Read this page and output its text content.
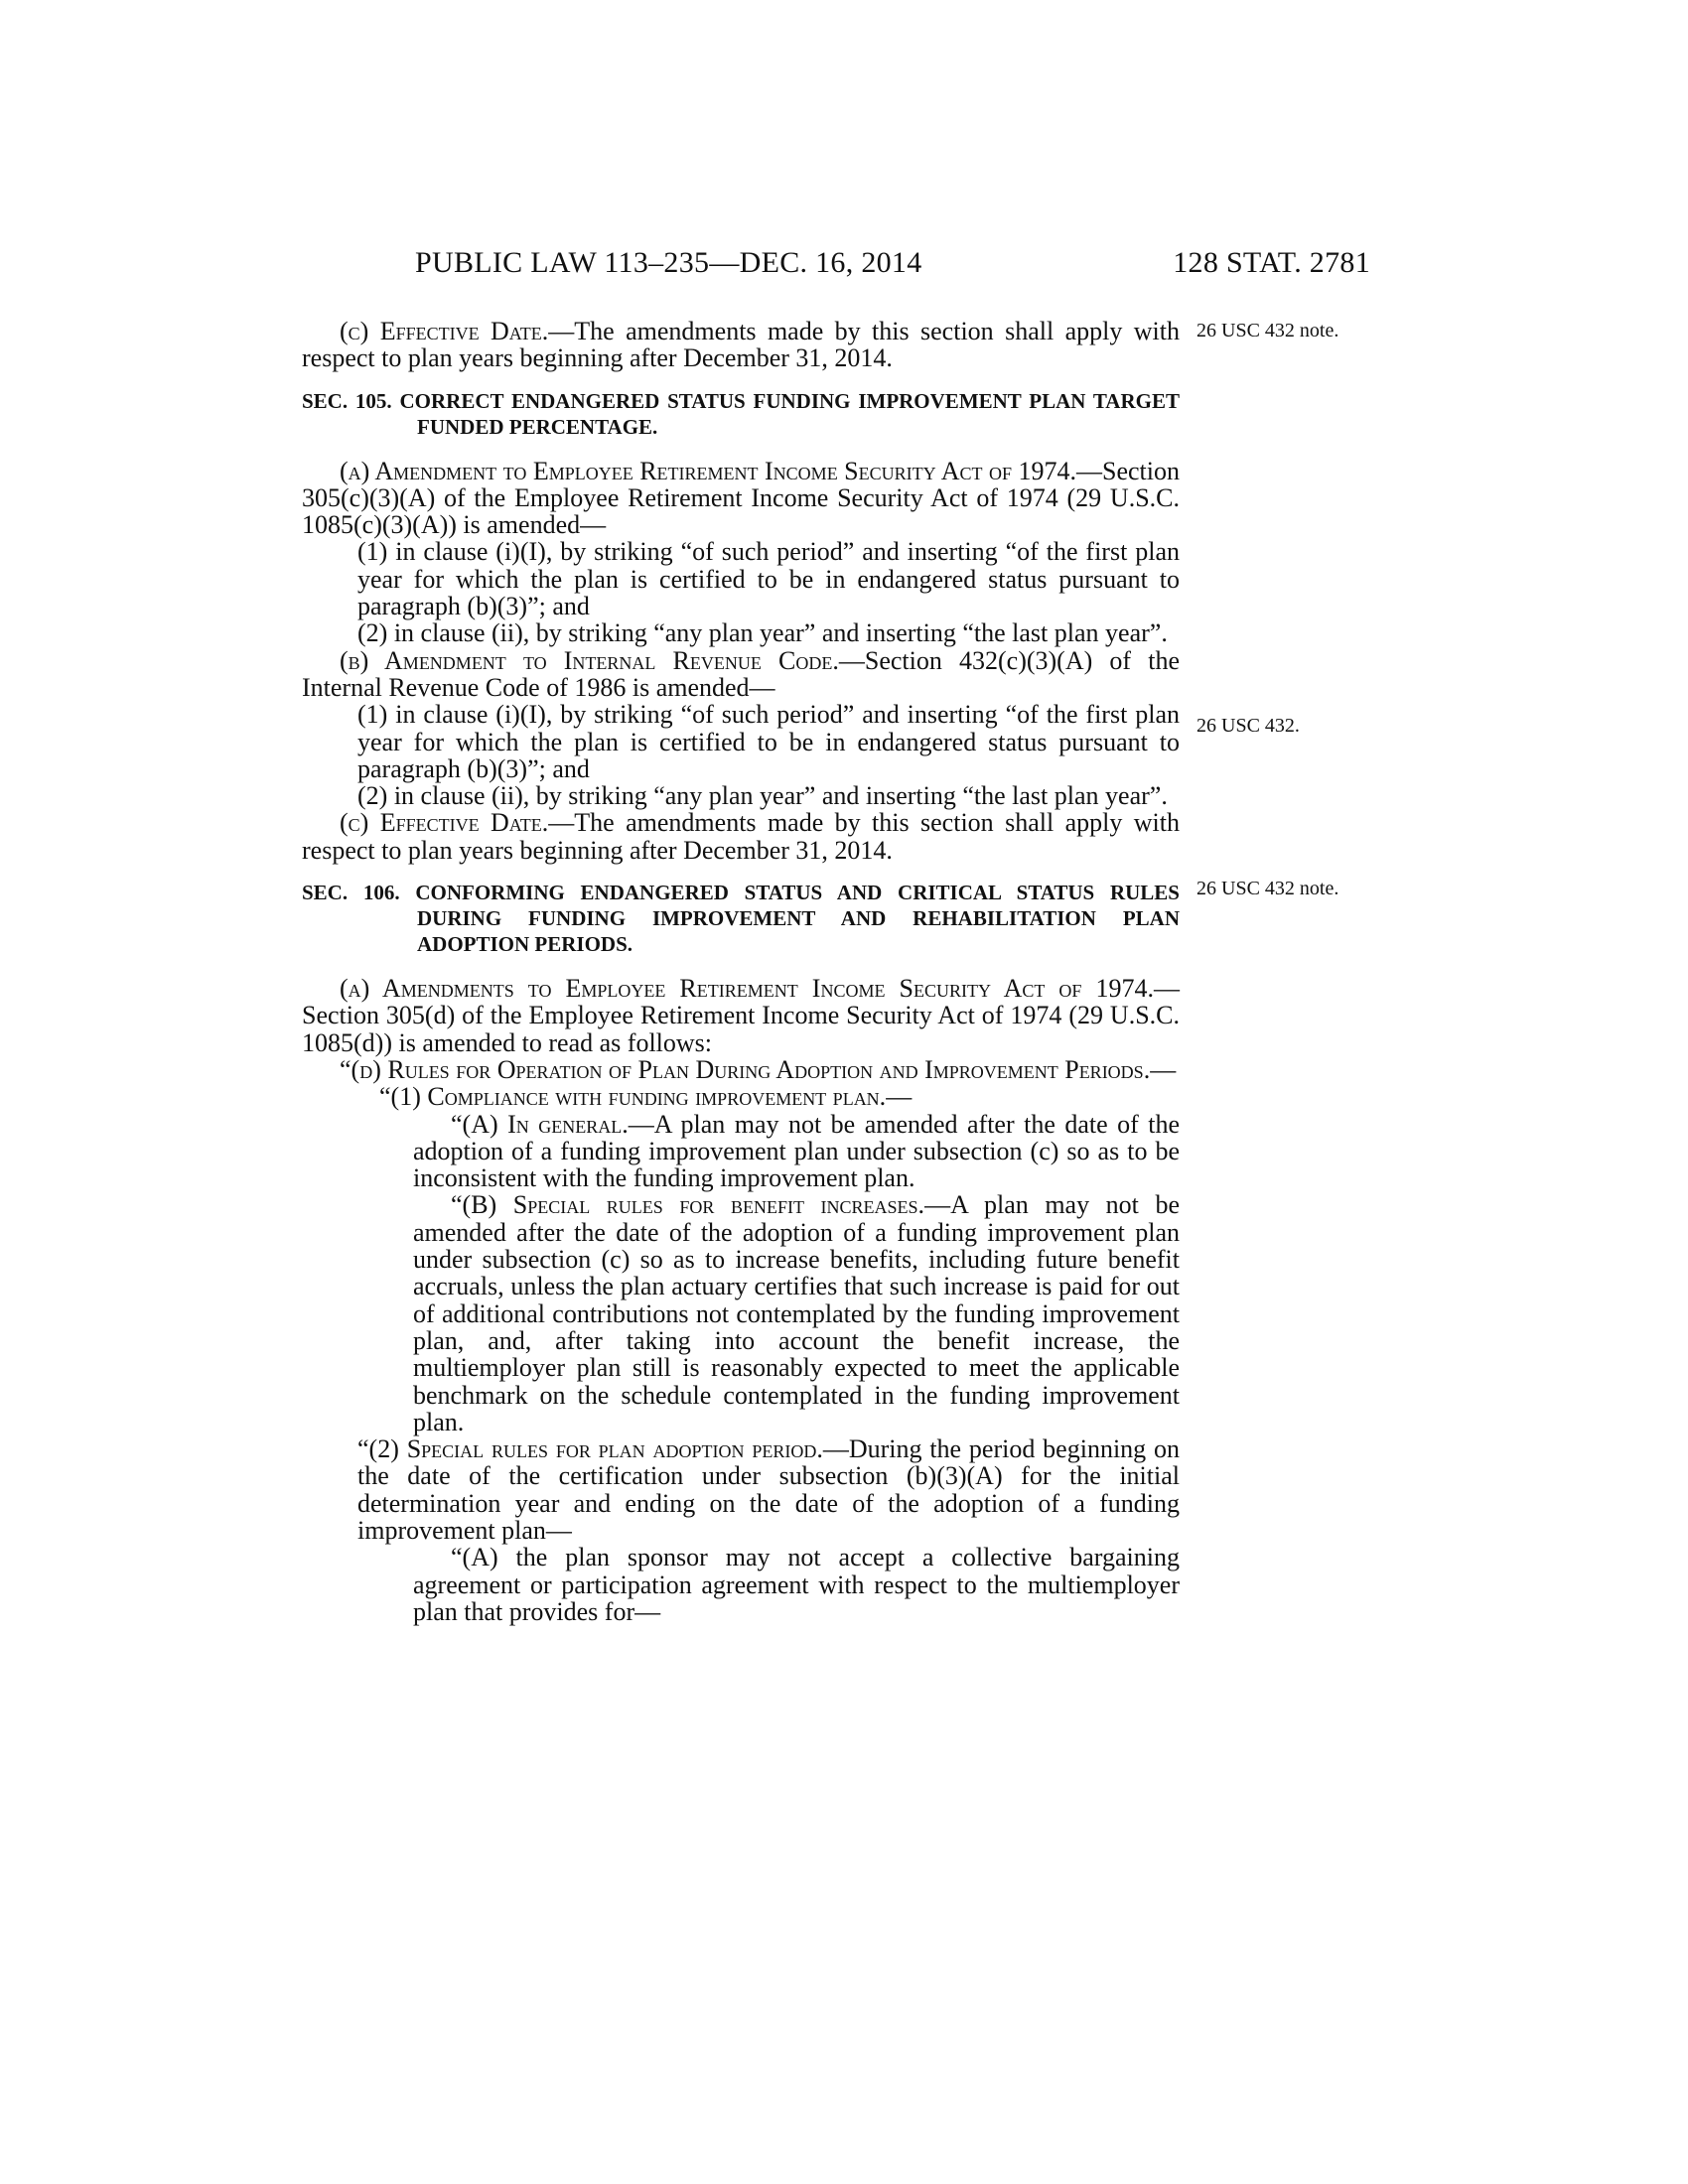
PUBLIC LAW 113–235—DEC. 16, 2014	128 STAT. 2781

(c) Effective Date.—The amendments made by this section shall apply with respect to plan years beginning after December 31, 2014.

SEC. 105. CORRECT ENDANGERED STATUS FUNDING IMPROVEMENT PLAN TARGET FUNDED PERCENTAGE.

(a) Amendment to Employee Retirement Income Security Act of 1974.—Section 305(c)(3)(A) of the Employee Retirement Income Security Act of 1974 (29 U.S.C. 1085(c)(3)(A)) is amended—

(1) in clause (i)(I), by striking “of such period” and inserting “of the first plan year for which the plan is certified to be in endangered status pursuant to paragraph (b)(3)”; and

(2) in clause (ii), by striking “any plan year” and inserting “the last plan year”.

(b) Amendment to Internal Revenue Code.—Section 432(c)(3)(A) of the Internal Revenue Code of 1986 is amended—

(1) in clause (i)(I), by striking “of such period” and inserting “of the first plan year for which the plan is certified to be in endangered status pursuant to paragraph (b)(3)”; and

(2) in clause (ii), by striking “any plan year” and inserting “the last plan year”.

(c) Effective Date.—The amendments made by this section shall apply with respect to plan years beginning after December 31, 2014.

SEC. 106. CONFORMING ENDANGERED STATUS AND CRITICAL STATUS RULES DURING FUNDING IMPROVEMENT AND REHABILITATION PLAN ADOPTION PERIODS.

(a) Amendments to Employee Retirement Income Security Act of 1974.—Section 305(d) of the Employee Retirement Income Security Act of 1974 (29 U.S.C. 1085(d)) is amended to read as follows:

“(d) Rules for Operation of Plan During Adoption and Improvement Periods.—

“(1) Compliance with funding improvement plan.—

“(A) In general.—A plan may not be amended after the date of the adoption of a funding improvement plan under subsection (c) so as to be inconsistent with the funding improvement plan.

“(B) Special rules for benefit increases.—A plan may not be amended after the date of the adoption of a funding improvement plan under subsection (c) so as to increase benefits, including future benefit accruals, unless the plan actuary certifies that such increase is paid for out of additional contributions not contemplated by the funding improvement plan, and, after taking into account the benefit increase, the multiemployer plan still is reasonably expected to meet the applicable benchmark on the schedule contemplated in the funding improvement plan.

“(2) Special rules for plan adoption period.—During the period beginning on the date of the certification under subsection (b)(3)(A) for the initial determination year and ending on the date of the adoption of a funding improvement plan—

“(A) the plan sponsor may not accept a collective bargaining agreement or participation agreement with respect to the multiemployer plan that provides for—

26 USC 432 note.
26 USC 432.
26 USC 432 note.
